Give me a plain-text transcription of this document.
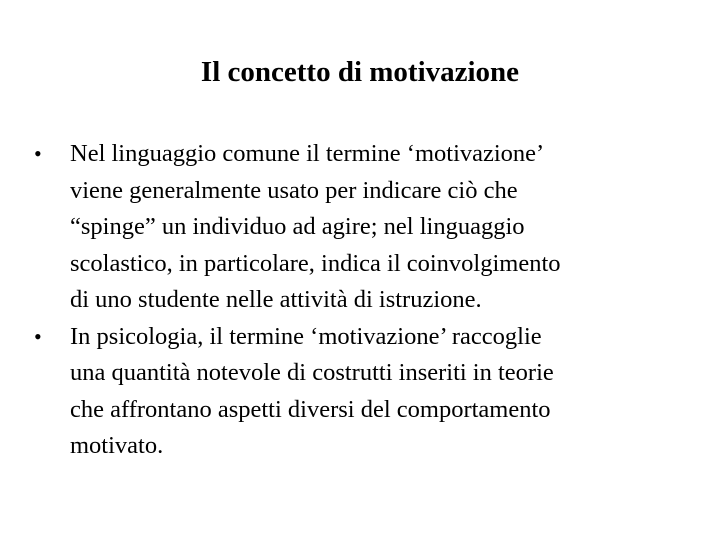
Il concetto di motivazione
•	Nel linguaggio comune il termine ‘motivazione’
viene generalmente usato per indicare ciò che
“spinge” un individuo ad agire; nel linguaggio
scolastico, in particolare, indica il coinvolgimento
di uno studente nelle attività di istruzione.
•	In psicologia, il termine ‘motivazione’ raccoglie
una quantità notevole di costrutti inseriti in teorie
che affrontano aspetti diversi del comportamento
motivato.
